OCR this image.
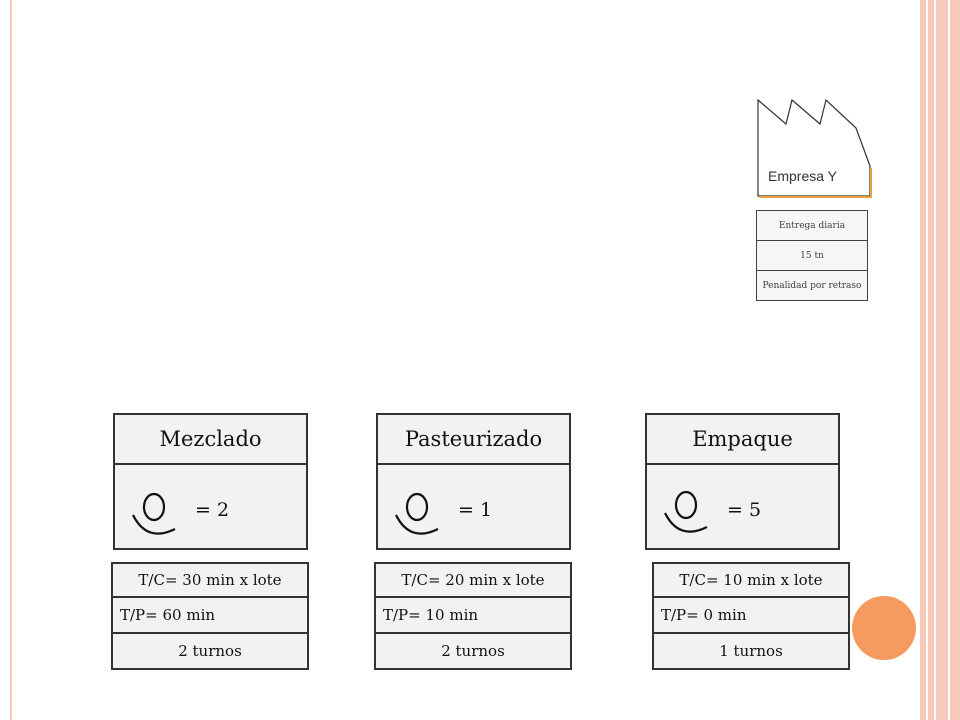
Empresa Y
Entrega diaria
15 tn
Penalidad por retraso
Mezclado
= 2
T/C= 30 min x lote
T/P= 60 min
2 turnos
Pasteurizado
= 1
T/C= 20 min x lote
T/P= 10 min
2 turnos
Empaque
= 5
T/C= 10 min x lote
T/P= 0 min
1 turnos
